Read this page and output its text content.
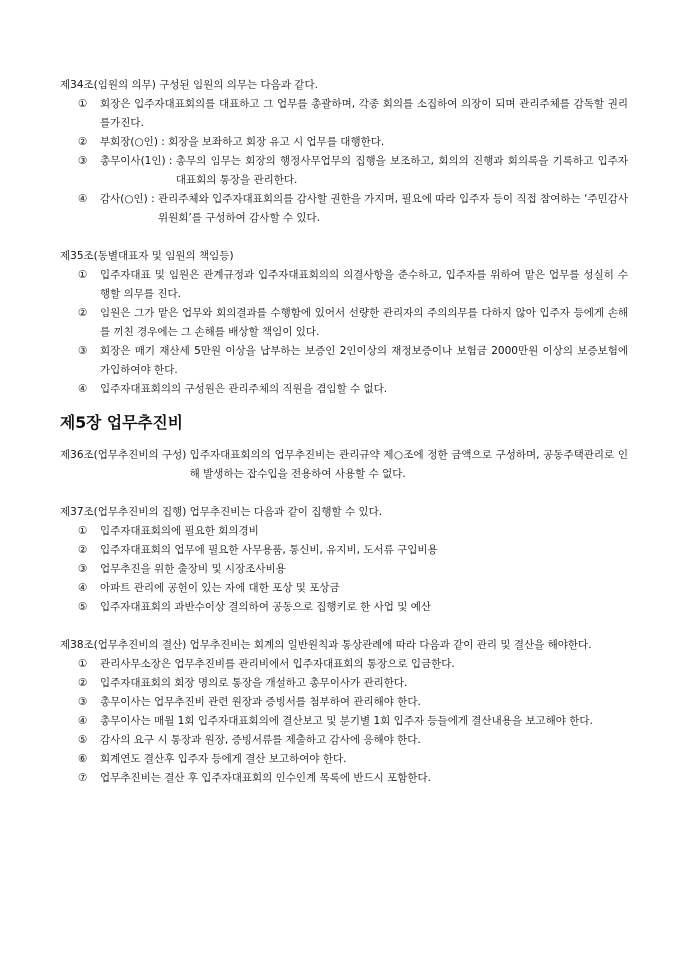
제34조(임원의 의무) 구성된 임원의 의무는 다음과 같다.
①	회장은 입주자대표회의를 대표하고 그 업무를 총괄하며, 각종 회의를 소집하여 의장이 되며 관리주체를 감독할 권리를가진다.
②	부회장(○인) : 회장을 보좌하고 회장 유고 시 업무를 대행한다.
③	총무이사(1인) : 총무의 임무는 회장의 행정사무업무의 집행을 보조하고, 회의의 진행과 회의록을 기록하고 입주자대표회의 통장을 관리한다.
④	감사(○인) : 관리주체와 입주자대표회의를 감사할 권한을 가지며, 필요에 따라 입주자 등이 직접 참여하는 ‘주민감사위원회’를 구성하여 감사할 수 있다.
제35조(동별대표자 및 임원의 책임등)
①	입주자대표 및 임원은 관계규정과 입주자대표회의의 의결사항을 준수하고, 입주자를 위하여 맡은 업무를 성실히 수행할 의무를 진다.
②	임원은 그가 맡은 업무와 회의결과를 수행함에 있어서 선량한 관리자의 주의의무를 다하지 않아 입주자 등에게 손해를 끼친 경우에는 그 손해를 배상할 책임이 있다.
③	회장은 매기 재산세 5만원 이상을 납부하는 보증인 2인이상의 재정보증이나 보험금 2000만원 이상의 보증보험에 가입하여야 한다.
④	입주자대표회의의 구성원은 관리주체의 직원을 겸임할 수 없다.
제5장 업무추진비
제36조(업무추진비의 구성) 입주자대표회의의 업무추진비는 관리규약 제○조에 정한 금액으로 구성하며, 공동주택관리로 인해 발생하는 잡수입을 전용하여 사용할 수 없다.
제37조(업무추진비의 집행) 업무추진비는 다음과 같이 집행할 수 있다.
①	입주자대표회의에 필요한 회의경비
②	입주자대표회의 업무에 필요한 사무용품, 통신비, 유지비, 도서류 구입비용
③	업무추진을 위한 출장비 및 시장조사비용
④	아파트 관리에 공헌이 있는 자에 대한 포상 및 포상금
⑤	입주자대표회의 과반수이상 결의하여 공동으로 집행키로 한 사업 및 예산
제38조(업무추진비의 결산) 업무추진비는 회계의 일반원칙과 통상관례에 따라 다음과 같이 관리 및 결산을 해야한다.
①	관리사무소장은 업무추진비를 관리비에서 입주자대표회의 통장으로 입금한다.
②	입주자대표회의 회장 명의로 통장을 개설하고 총무이사가 관리한다.
③	총무이사는 업무추진비 관련 원장과 증빙서를 첨부하여 관리해야 한다.
④	총무이사는 매월 1회 입주자대표회의에 결산보고 및 분기별 1회 입주자 등들에게 결산내용을 보고해야 한다.
⑤	감사의 요구 시 통장과 원장, 증빙서류를 제출하고 감사에 응해야 한다.
⑥	회계연도 결산후 입주자 등에게 결산 보고하여야 한다.
⑦	업무추진비는 결산 후 입주자대표회의 인수인계 목록에 반드시 포함한다.
